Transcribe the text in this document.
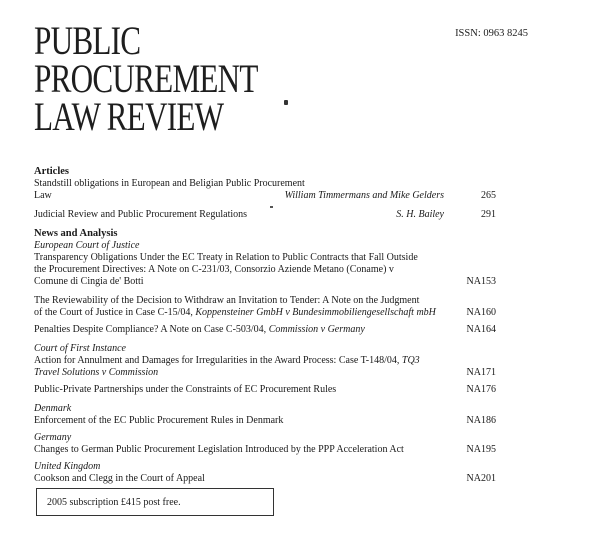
PUBLIC
PROCUREMENT
LAW REVIEW
ISSN: 0963 8245
Articles
Standstill obligations in European and Beligian Public Procurement
Law	William Timmermans and Mike Gelders	265
Judicial Review and Public Procurement Regulations	S. H. Bailey	291
News and Analysis
European Court of Justice
Transparency Obligations Under the EC Treaty in Relation to Public Contracts that Fall Outside
the Procurement Directives: A Note on C-231/03, Consorzio Aziende Metano (Coname) v
Comune di Cingia de' Botti	NA153
The Reviewability of the Decision to Withdraw an Invitation to Tender: A Note on the Judgment
of the Court of Justice in Case C-15/04, Koppensteiner GmbH v Bundesimmobiliengesellschaft mbH	NA160
Penalties Despite Compliance? A Note on Case C-503/04, Commission v Germany	NA164
Court of First Instance
Action for Annulment and Damages for Irregularities in the Award Process: Case T-148/04, TQ3
Travel Solutions v Commission	NA171
Public-Private Partnerships under the Constraints of EC Procurement Rules	NA176
Denmark
Enforcement of the EC Public Procurement Rules in Denmark	NA186
Germany
Changes to German Public Procurement Legislation Introduced by the PPP Acceleration Act	NA195
United Kingdom
Cookson and Clegg in the Court of Appeal	NA201
2005 subscription £415 post free.
